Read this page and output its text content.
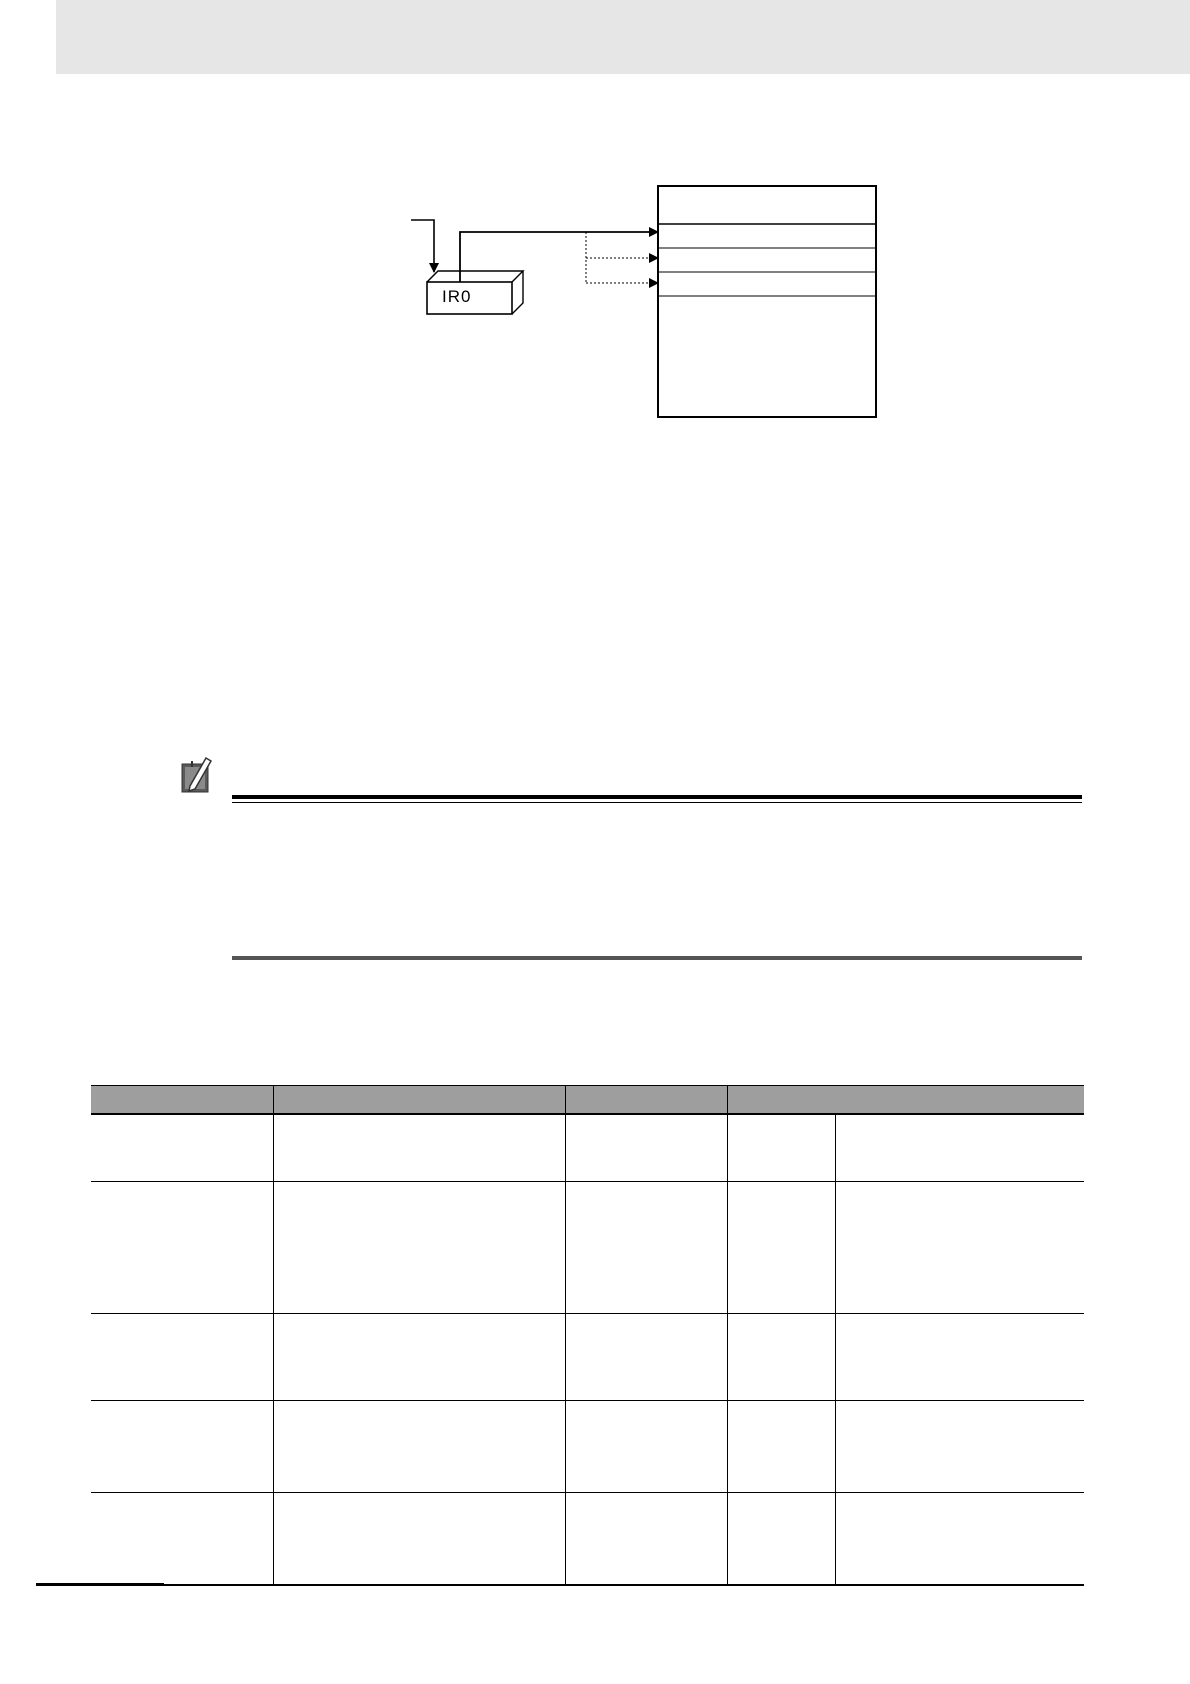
IR0
